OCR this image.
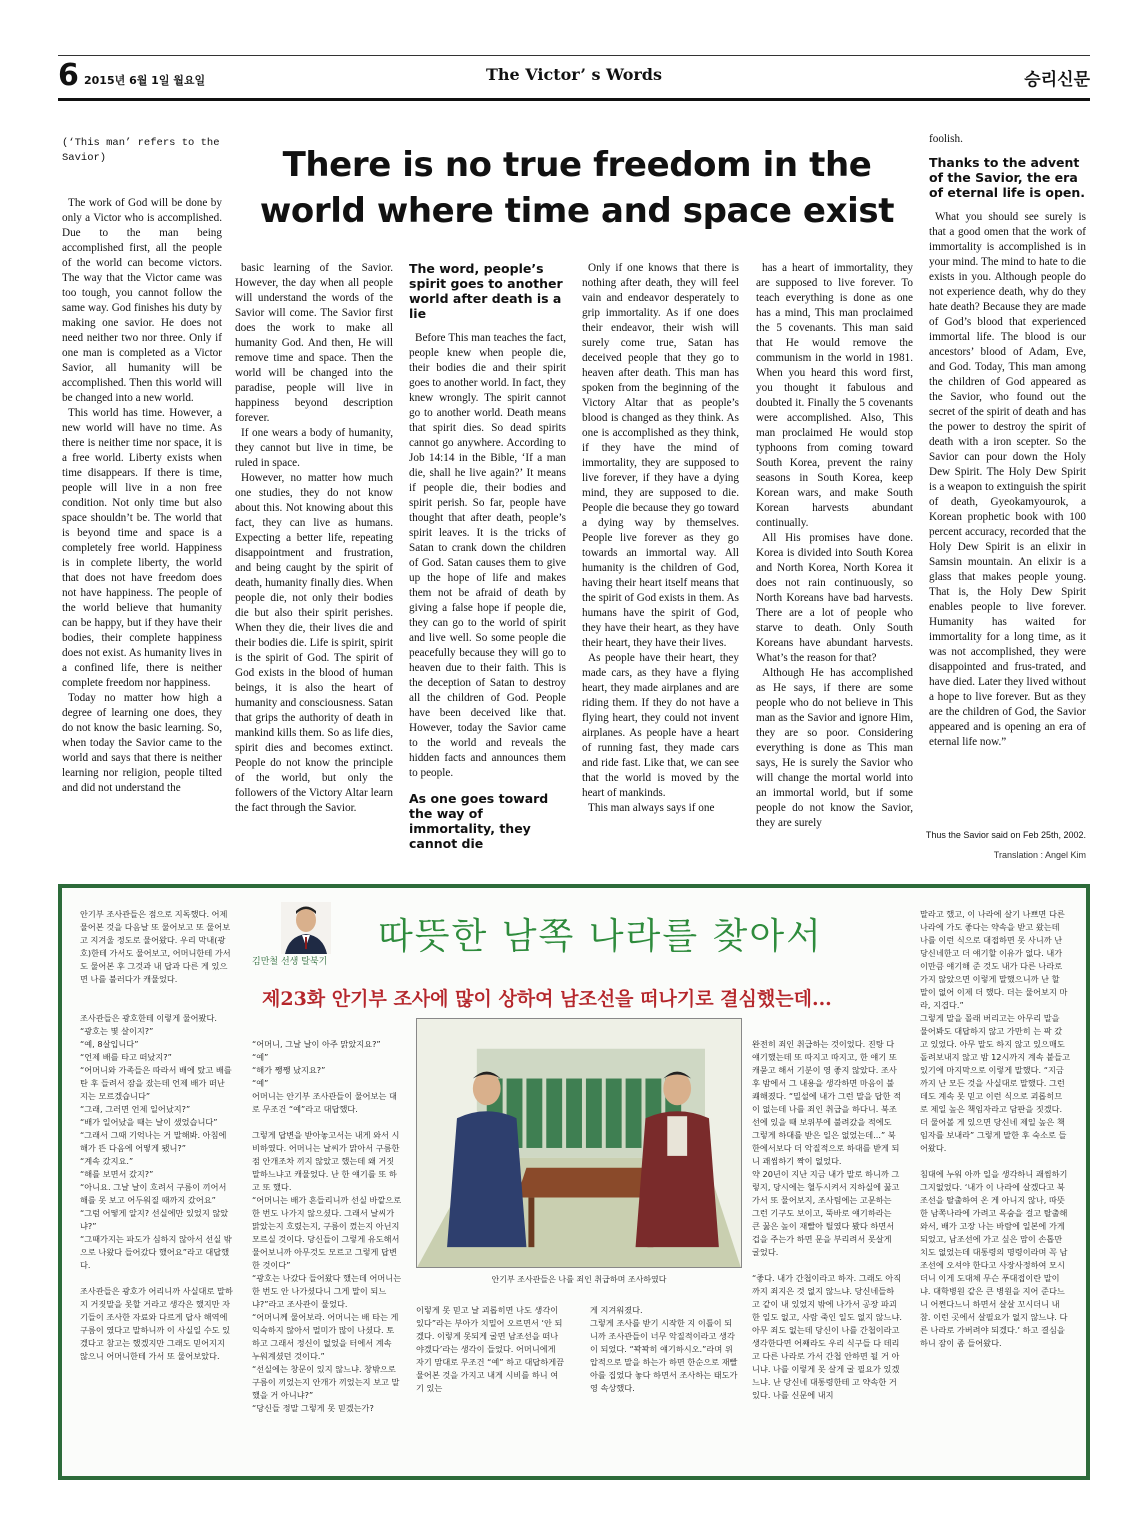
6 2015년 6월 1일 월요일	The Victor’ s Words	승리신문
(‘This man’ refers to the Savior)	There is no true freedom in the world where time and space exist

The work of God will be done by only a Victor who is accomplished. Due to the man being accomplished first, all the people of the world can become victors. The way that the Victor came was too tough, you cannot follow the same way. God finishes his duty by making one savior. He does not need neither two nor three. Only if one man is completed as a Victor Savior, all humanity will be accomplished. Then this world will be changed into a new world.

This world has time. However, a new world will have no time. As there is neither time nor space, it is a free world. Liberty exists when time disappears. If there is time, people will live in a non free condition. Not only time but also space shouldn’t be. The world that is beyond time and space is a completely free world. Happiness is in complete liberty, the world that does not have freedom does not have happiness. The people of the world believe that humanity can be happy, but if they have their bodies, their complete happiness does not exist. As humanity lives in a confined life, there is neither complete freedom nor happiness.

Today no matter how high a degree of learning one does, they do not know the basic learning. So, when today the Savior came to the world and says that there is neither learning nor religion, people tilted and did not understand the

basic learning of the Savior. However, the day when all people will understand the words of the Savior will come. The Savior first does the work to make all humanity God. And then, He will remove time and space. Then the world will be changed into the paradise, people will live in happiness beyond description forever.

If one wears a body of humanity, they cannot but live in time, be ruled in space.

However, no matter how much one studies, they do not know about this. Not knowing about this fact, they can live as humans. Expecting a better life, repeating disappointment and frustration, and being caught by the spirit of death, humanity finally dies. When people die, not only their bodies die but also their spirit perishes. When they die, their lives die and their bodies die. Life is spirit, spirit is the spirit of God. The spirit of God exists in the blood of human beings, it is also the heart of humanity and consciousness. Satan that grips the authority of death in mankind kills them. So as life dies, spirit dies and becomes extinct. People do not know the principle of the world, but only the followers of the Victory Altar learn the fact through the Savior.

The word, people’s spirit goes to another world after death is a lie

Before This man teaches the fact, people knew when people die, their bodies die and their spirit goes to another world. In fact, they knew wrongly. The spirit cannot go to another world. Death means that spirit dies. So dead spirits cannot go anywhere. According to Job 14:14 in the Bible, ‘If a man die, shall he live again?’ It means if people die, their bodies and spirit perish. So far, people have thought that after death, people’s spirit leaves. It is the tricks of Satan to crank down the children of God. Satan causes them to give up the hope of life and makes them not be afraid of death by giving a false hope if people die, they can go to the world of spirit and live well. So some people die peacefully because they will go to heaven due to their faith. This is the deception of Satan to destroy all the children of God. People have been deceived like that. However, today the Savior came to the world and reveals the hidden facts and announces them to people.

As one goes toward the way of immortality, they cannot die

Only if one knows that there is nothing after death, they will feel vain and endeavor desperately to grip immortality. As if one does their endeavor, their wish will surely come true, Satan has deceived people that they go to heaven after death. This man has spoken from the beginning of the Victory Altar that as people’s blood is changed as they think. As one is accomplished as they think, if they have the mind of immortality, they are supposed to live forever, if they have a dying mind, they are supposed to die. People die because they go toward a dying way by themselves. People live forever as they go towards an immortal way. All humanity is the children of God, having their heart itself means that the spirit of God exists in them. As humans have the spirit of God, they have their heart, as they have their heart, they have their lives.

As people have their heart, they made cars, as they have a flying heart, they made airplanes and are riding them. If they do not have a flying heart, they could not invent airplanes. As people have a heart of running fast, they made cars and ride fast. Like that, we can see that the world is moved by the heart of mankinds.

This man always says if one

has a heart of immortality, they are supposed to live forever. To teach everything is done as one has a mind, This man proclaimed the 5 covenants. This man said that He would remove the communism in the world in 1981. When you heard this word first, you thought it fabulous and doubted it. Finally the 5 covenants were accomplished. Also, This man proclaimed He would stop typhoons from coming toward South Korea, prevent the rainy seasons in South Korea, keep Korean wars, and make South Korean harvests abundant continually.

All His promises have done. Korea is divided into South Korea and North Korea, North Korea it does not rain continuously, so North Koreans have bad harvests. There are a lot of people who starve to death. Only South Koreans have abundant harvests. What’s the reason for that?

Although He has accomplished as He says, if there are some people who do not believe in This man as the Savior and ignore Him, they are so poor. Considering everything is done as This man says, He is surely the Savior who will change the mortal world into an immortal world, but if some people do not know the Savior, they are surely

foolish.

Thanks to the advent of the Savior, the era of eternal life is open.

What you should see surely is that a good omen that the work of immortality is accomplished is in your mind. The mind to hate to die exists in you. Although people do not experience death, why do they hate death? Because they are made of God’s blood that experienced immortal life. The blood is our ancestors’ blood of Adam, Eve, and God. Today, This man among the children of God appeared as the Savior, who found out the secret of the spirit of death and has the power to destroy the spirit of death with a iron scepter. So the Savior can pour down the Holy Dew Spirit. The Holy Dew Spirit is a weapon to extinguish the spirit of death, Gyeokamyourok, a Korean prophetic book with 100 percent accuracy, recorded that the Holy Dew Spirit is an elixir in Samsin mountain. An elixir is a glass that makes people young. That is, the Holy Dew Spirit enables people to live forever. Humanity has waited for immortality for a long time, as it was not accomplished, they were disappointed and frus-trated, and have died. Later they lived without a hope to live forever. But as they are the children of God, the Savior appeared and is opening an era of eternal life now.”

Thus the Savior said on Feb 25th, 2002.
Translation : Angel Kim

안기부 조사관들은 점으로 지독했다. 어제 물어본 것을 다음날 또 물어보고 또 물어보고 지겨울 정도로 물어왔다. 우리 막내(광호)한테 가서도 물어보고, 어머니한테 가서도 물어본 후 그것과 내 답과 다른 게 있으면 나를 불러다가 캐물었다.

조사관들은 광호한테 이렇게 물어봤다.

“광호는 몇 살이지?”

“예, 8살입니다”

“언제 배를 타고 떠났지?”

“어머니와 가족들은 따라서 배에 탔고 배를 탄 후 들려서 잠을 잤는데 언제 배가 떠난 지는 모르겠습니다”

“그래, 그러면 언제 일어났지?”

“배가 일어났을 때는 날이 샜었습니다”

“그래서 그때 기억나는 거 말해봐. 아침에 해가 뜬 다음에 어떻게 됐니?”

“계속 갔지요.”

“해를 보면서 갔지?”

“아니요. 그날 날이 흐려서 구름이 끼어서 해를 못 보고 어두워질 때까지 갔어요”

“그럼 어떻게 알지? 선실에만 있었지 않았냐?”

“그때가지는 파도가 심하지 않아서 선실 밖으로 나왔다 들어갔다 했어요”라고 대답했다.

조사관들은 광호가 어리니까 사실대로 말하지 거짓말을 못할 거라고 생각은 했지만 자기들이 조사한 자료와 다르게 답사 해역에 구름이 였다고 말하니까 이 사실일 수도 있겠다고 참고는 했겠지만 그래도 믿어지지 않으니 어머니한테 가서 또 물어보았다.

김만철 선생 탈북기
따뜻한 남쪽 나라를 찾아서
제23화 안기부 조사에 많이 상하여 남조선을 떠나기로 결심했는데...

“어머니, 그날 날이 아주 맑았지요?”

“예”

“해가 쨍쨍 났지요?”

“예”

어머니는 안기부 조사관들이 물어보는 대로 무조건 “예”라고 대답했다.

그렇게 답변을 받아놓고서는 내게 와서 시비하였다. 어머니는 날씨가 맑아서 구름한점 안개조차 끼지 않았고 했는데 왜 거짓말하느냐고 캐물었다. 난 한 얘기를 또 하고 또 했다.

“어머니는 배가 흔들리니까 선실 바깥으로 한 번도 나가지 않으셨다. 그래서 날씨가 맑았는지 흐렸는지, 구름이 껐는지 아닌지 모르실 것이다. 당신들이 그렇게 유도해서 물어보니까 아무것도 모르고 그렇게 답변한 것이다”

“광호는 나갔다 들어왔다 했는데 어머니는 한 번도 안 나가셨다니 그게 말이 되느냐?”라고 조사관이 물었다.

“어머니께 물어보라. 어머니는 배 타는 게 익숙하지 않아서 멀미가 많이 나셨다. 토하고 그래서 정신이 없었을 터에서 계속 누워계셨던 것이다.”

“선실에는 창문이 있지 않느냐. 창밖으로 구름이 끼었는지 안개가 끼었는지 보고 말했을 거 아니냐?”

“당신들 정말 그렇게 못 믿겠는가?

안기부 조사관들은 나를 죄인 취급하며 조사하였다

이렇게 못 믿고 날 괴롭히면 나도 생각이 있다”라는 부아가 치밀어 오르면서 ‘안 되겠다. 이렇게 못되게 굴면 남조선을 떠나야겠다’라는 생각이 들었다. 어머니에게 자기 맘대로 무조건 “예” 하고 대답하게끔 물어본 것을 가지고 내게 시비를 하니 여기 있는

게 지겨워졌다.

그렇게 조사를 받기 시작한 지 이틀이 되니까 조사관들이 너무 악질적이라고 생각이 되었다. “꽉꽉히 얘기하시오.”라며 위압적으로 말을 하는가 하면 한순으로 재빨아를 집었다 놓다 하면서 조사하는 태도가 영 속상했다.

완전히 죄인 취급하는 것이었다. 진탕 다 얘기했는데 또 따지고 따지고, 한 얘기 또 캐묻고 해서 기분이 영 좋지 않았다. 조사 후 밤에서 그 내용을 생각하면 마음이 불쾌해졌다. “밀설에 내가 그런 말을 답한 적이 없는데 나를 죄인 취급을 하다니. 북조선에 있을 때 보위부에 불려갔을 적에도 그렇게 하대를 받은 일은 없었는데...” 북한에서보다 더 악질적으로 하대를 받게 되니 괘씸하기 짝이 없었다.

약 20년이 지난 지금 내가 말로 하니까 그렇지, 당시에는 혈두시켜서 지하실에 꿇고가서 또 물어보지, 조사팀에는 고문하는 그런 기구도 보이고, 뚝바로 얘기하라는 큰 꿇은 높이 재빨아 틸였다 봤다 하면서 겁을 주는가 하면 문을 부리려서 못살게 굴었다.

“좋다. 내가 간첩이라고 하자. 그래도 아직까지 죄지은 것 없지 않느냐. 당신네들하고 같이 내 있었지 밖에 나가서 공장 파괴한 일도 없고, 사람 죽인 일도 없지 않느냐. 아무 죄도 없는데 당신이 나를 간첩이라고 생각한다면 어째라도 우리 식구들 다 데리고 다른 나라로 가서 간첩 안하면 될 거 아니냐. 나를 이렇게 못 살게 굴 필요가 있겠느냐. 난 당신네 대통령한테 고 약속한 거 있다. 나를 신문에 내지

말라고 했고, 이 나라에 살기 나쁘면 다른 나라에 가도 좋다는 약속을 받고 왔는데 나를 이런 식으로 대접하면 못 사니까 난 당신네한고 더 얘기할 이유가 없다. 내가 이만큼 얘기해 준 것도 내가 다른 나라로 가지 않았으면 이렇게 말했으니까 난 할 말이 없어 이제 더 했다. 더는 물어보지 마라, 지겹다.”

그렇게 말을 몰래 버리고는 아무리 말을 물어봐도 대답하지 않고 가만히 는 팍 갔고 있었다. 아무 말도 하지 않고 있으매도 돌려보내지 않고 밤 12시까지 계속 붙들고 있기에 마지막으로 이렇게 말했다. “지금까지 난 모든 것을 사실대로 말했다. 그런데도 계속 못 믿고 이런 식으로 괴롭히므로 제일 높은 책임자라고 담판을 짓겠다. 더 물어볼 게 있으면 당신네 제일 높은 책임자를 보내라” 그렇게 말한 후 숙소로 들어왔다.

침대에 누워 아까 일을 생각하니 괘씸하기 그지없었다. ‘내가 이 나라에 살겠다고 북조선을 탈출하여 온 게 아니지 않나, 따뜻한 남쪽나라에 가려고 목숨을 걸고 탈출해 와서, 배가 고장 나는 바람에 일본에 가게 되었고, 남조선에 가고 싶은 맘이 손톱만치도 없었는데 대통령의 명령이라며 꼭 남조선에 오셔야 한다고 사장사정하여 모시더니 이게 도대체 무슨 푸대접이란 말이냐. 대학병원 같은 큰 병원을 지어 준다느니 어쩐다느니 하면서 살살 꼬시더니 내 참. 이런 곳에서 살필요가 없지 않느냐. 다른 나라로 가버려야 되겠다.’ 하고 결심을 하니 잠이 좀 들어왔다.
